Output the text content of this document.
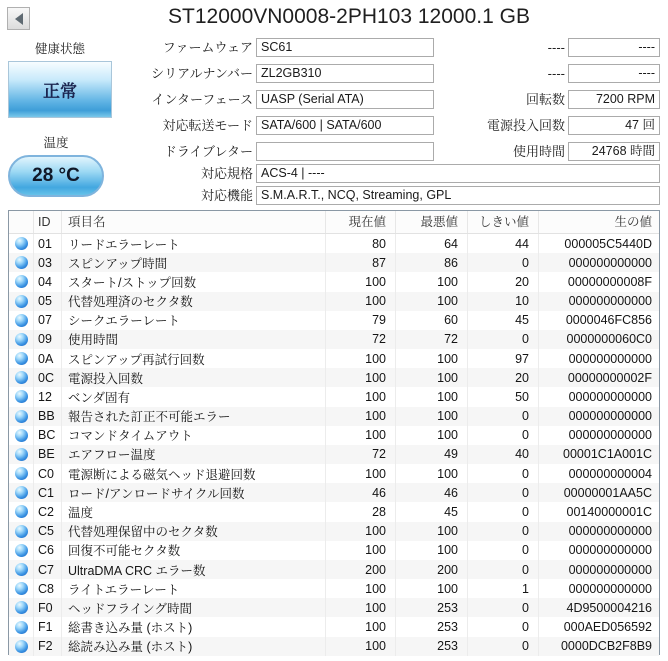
ST12000VN0008-2PH103 12000.1 GB
健康状態
正常
温度
28 °C
ファームウェア SC61
シリアルナンバー ZL2GB310
インターフェース UASP (Serial ATA)
対応転送モード SATA/600 | SATA/600
ドライブレター
対応規格 ACS-4 | ----
対応機能 S.M.A.R.T., NCQ, Streaming, GPL
----	----
----	----
回転数	7200 RPM
電源投入回数	47 回
使用時間	24768 時間
ID	項目名	現在値	最悪値	しきい値	生の値
01	リードエラーレート	80	64	44	000005C5440D
03	スピンアップ時間	87	86	0	000000000000
04	スタート/ストップ回数	100	100	20	00000000008F
05	代替処理済のセクタ数	100	100	10	000000000000
07	シークエラーレート	79	60	45	0000046FC856
09	使用時間	72	72	0	0000000060C0
0A	スピンアップ再試行回数	100	100	97	000000000000
0C	電源投入回数	100	100	20	00000000002F
12	ベンダ固有	100	100	50	000000000000
BB	報告された訂正不可能エラー	100	100	0	000000000000
BC	コマンドタイムアウト	100	100	0	000000000000
BE	エアフロー温度	72	49	40	00001C1A001C
C0	電源断による磁気ヘッド退避回数	100	100	0	000000000004
C1	ロード/アンロードサイクル回数	46	46	0	00000001AA5C
C2	温度	28	45	0	00140000001C
C5	代替処理保留中のセクタ数	100	100	0	000000000000
C6	回復不可能セクタ数	100	100	0	000000000000
C7	UltraDMA CRC エラー数	200	200	0	000000000000
C8	ライトエラーレート	100	100	1	000000000000
F0	ヘッドフライング時間	100	253	0	4D9500004216
F1	総書き込み量 (ホスト)	100	253	0	000AED056592
F2	総読み込み量 (ホスト)	100	253	0	0000DCB2F8B9
